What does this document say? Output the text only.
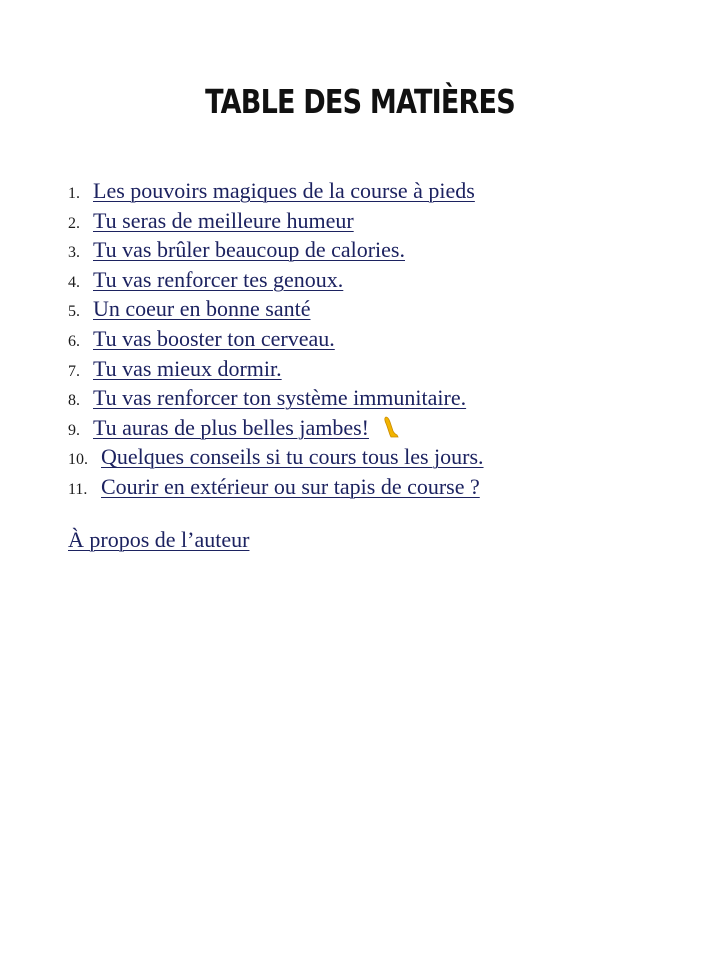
TABLE DES MATIÈRES
1. Les pouvoirs magiques de la course à pieds
2. Tu seras de meilleure humeur
3. Tu vas brûler beaucoup de calories.
4. Tu vas renforcer tes genoux.
5. Un coeur en bonne santé
6. Tu vas booster ton cerveau.
7. Tu vas mieux dormir.
8. Tu vas renforcer ton système immunitaire.
9. Tu auras de plus belles jambes!
10. Quelques conseils si tu cours tous les jours.
11. Courir en extérieur ou sur tapis de course ?
À propos de l’auteur
